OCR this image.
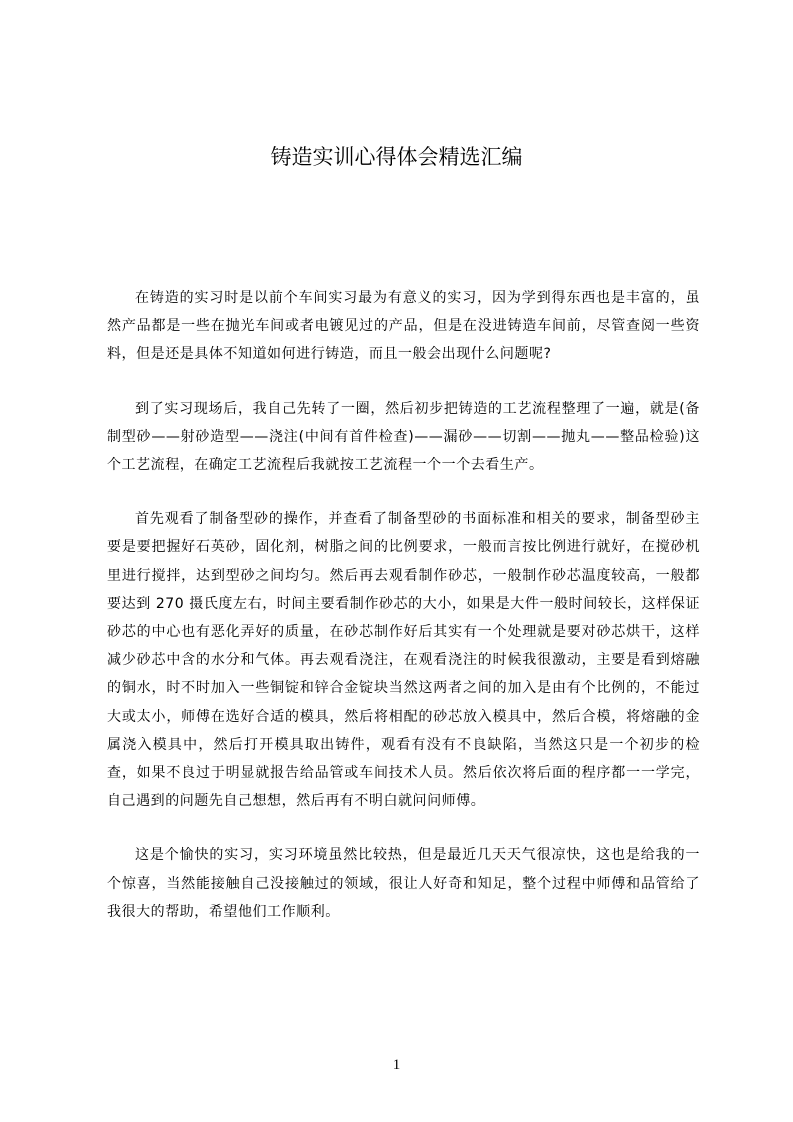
铸造实训心得体会精选汇编

在铸造的实习时是以前个车间实习最为有意义的实习，因为学到得东西也是丰富的，虽然产品都是一些在抛光车间或者电镀见过的产品，但是在没进铸造车间前，尽管查阅一些资料，但是还是具体不知道如何进行铸造，而且一般会出现什么问题呢?

到了实习现场后，我自己先转了一圈，然后初步把铸造的工艺流程整理了一遍，就是(备制型砂——射砂造型——浇注(中间有首件检查)——漏砂——切割——抛丸——整品检验)这个工艺流程，在确定工艺流程后我就按工艺流程一个一个去看生产。

首先观看了制备型砂的操作，并查看了制备型砂的书面标准和相关的要求，制备型砂主要是要把握好石英砂，固化剂，树脂之间的比例要求，一般而言按比例进行就好，在搅砂机里进行搅拌，达到型砂之间均匀。然后再去观看制作砂芯，一般制作砂芯温度较高，一般都要达到 270 摄氏度左右，时间主要看制作砂芯的大小，如果是大件一般时间较长，这样保证砂芯的中心也有恶化弄好的质量，在砂芯制作好后其实有一个处理就是要对砂芯烘干，这样减少砂芯中含的水分和气体。再去观看浇注，在观看浇注的时候我很激动，主要是看到熔融的铜水，时不时加入一些铜锭和锌合金锭块当然这两者之间的加入是由有个比例的，不能过大或太小，师傅在选好合适的模具，然后将相配的砂芯放入模具中，然后合模，将熔融的金属浇入模具中，然后打开模具取出铸件，观看有没有不良缺陷，当然这只是一个初步的检查，如果不良过于明显就报告给品管或车间技术人员。然后依次将后面的程序都一一学完，自己遇到的问题先自己想想，然后再有不明白就问问师傅。

这是个愉快的实习，实习环境虽然比较热，但是最近几天天气很凉快，这也是给我的一个惊喜，当然能接触自己没接触过的领域，很让人好奇和知足，整个过程中师傅和品管给了我很大的帮助，希望他们工作顺利。

1
